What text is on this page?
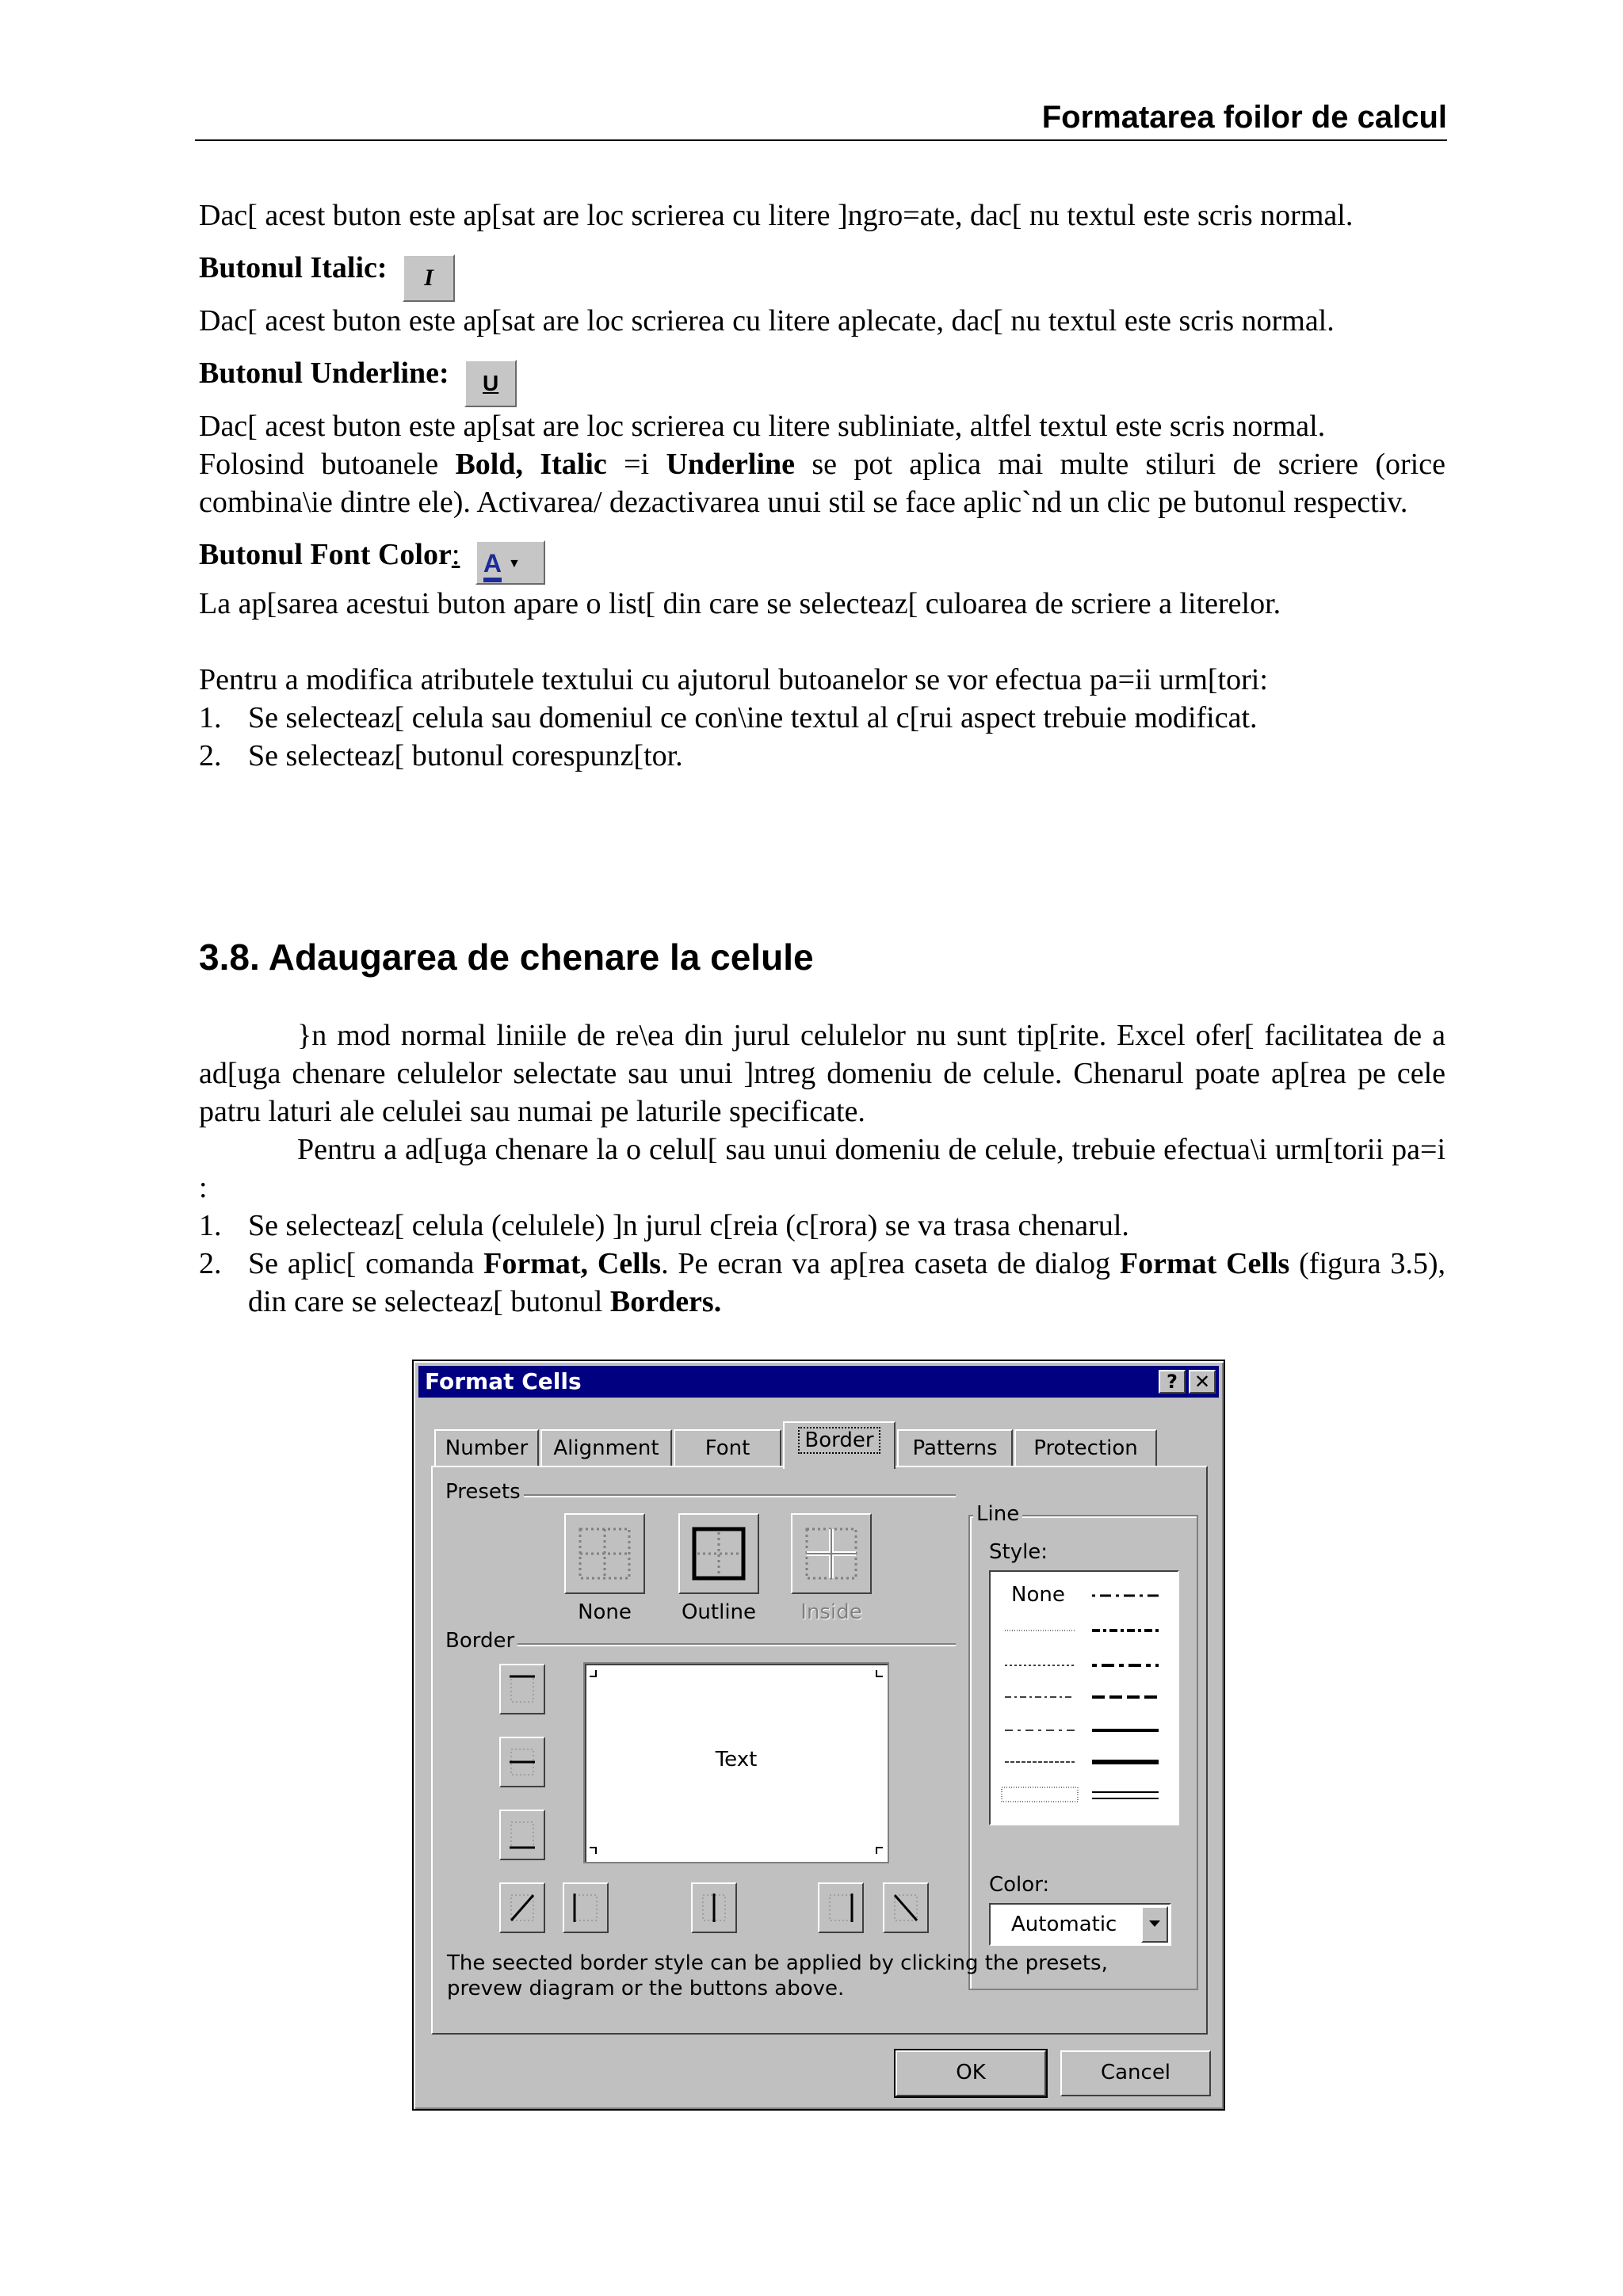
Formatarea foilor de calcul

Dac[ acest buton este ap[sat are loc scrierea cu litere ]ngro=ate, dac[ nu textul este scris normal.

Butonul Italic: I

Dac[ acest buton este ap[sat are loc scrierea cu litere aplecate, dac[ nu textul este scris normal.

Butonul Underline: U

Dac[ acest buton este ap[sat are loc scrierea cu litere subliniate, altfel textul este scris normal.

Folosind butoanele Bold, Italic =i Underline se pot aplica mai multe stiluri de scriere (orice combina\ie dintre ele). Activarea/ dezactivarea unui stil se face aplic`nd un clic pe butonul respectiv.

Butonul Font Color: A ▼

La ap[sarea acestui buton apare o list[ din care se selecteaz[ culoarea de scriere a literelor.

Pentru a modifica atributele textului cu ajutorul butoanelor se vor efectua pa=ii urm[tori:

1. Se selecteaz[ celula sau domeniul ce con\ine textul al c[rui aspect trebuie modificat.
2. Se selecteaz[ butonul corespunz[tor.
3.8. Adaugarea de chenare la celule

}n mod normal liniile de re\ea din jurul celulelor nu sunt tip[rite. Excel ofer[ facilitatea de a ad[uga chenare celulelor selectate sau unui ]ntreg domeniu de celule. Chenarul poate ap[rea pe cele patru laturi ale celulei sau numai pe laturile specificate.

Pentru a ad[uga chenare la o celul[ sau unui domeniu de celule, trebuie efectua\i urm[torii pa=i :

1. Se selecteaz[ celula (celulele) ]n jurul c[reia (c[rora) se va trasa chenarul.
2. Se aplic[ comanda Format, Cells. Pe ecran va ap[rea caseta de dialog Format Cells (figura 3.5), din care se selecteaz[ butonul Borders.
Format Cells	? ✕
Number	Alignment	Font	Border	Patterns	Protection
Presets
None	Outline	Inside
Border
Text
Line
Style:
None
Color:
Automatic
The seected border style can be applied by clicking the presets, prevew diagram or the buttons above.
OK	Cancel
